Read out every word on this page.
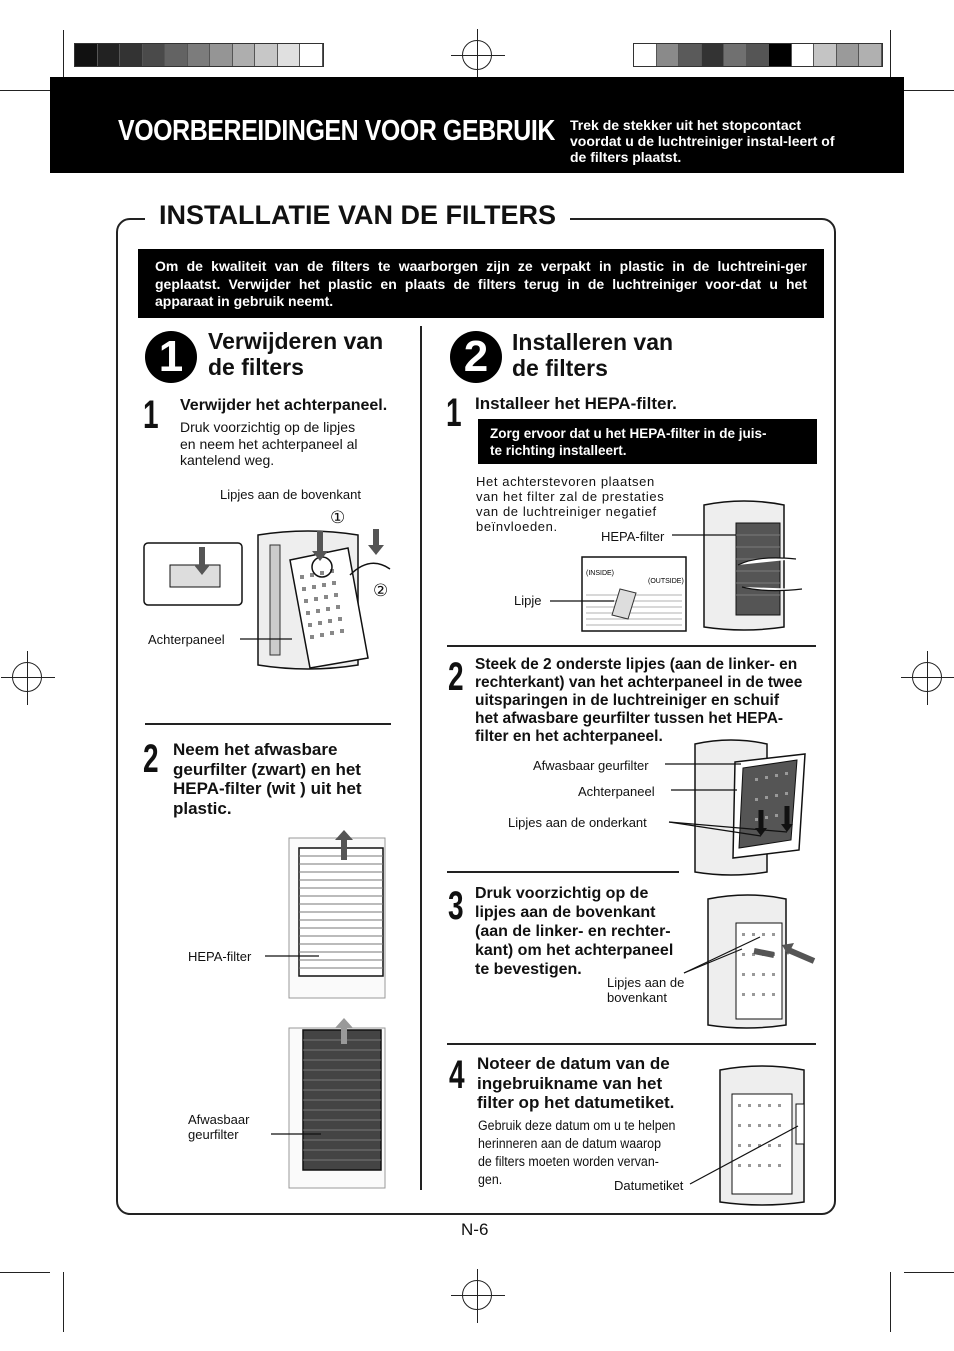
VOORBEREIDINGEN VOOR GEBRUIK Trek de stekker uit het stopcontact voordat u de luchtreiniger instal-leert of de filters plaatst.
INSTALLATIE VAN DE FILTERS
Om de kwaliteit van de filters te waarborgen zijn ze verpakt in plastic in de luchtreini-ger geplaatst. Verwijder het plastic en plaats de filters terug in de luchtreiniger voor-dat u het apparaat in gebruik neemt.
1	Verwijderen van
de filters
1 Verwijder het achterpaneel.
Druk voorzichtig op de lipjes
en neem het achterpaneel al
kantelend weg.
Lipjes aan de bovenkant
Achterpaneel
①
②
2 Neem het afwasbare
geurfilter (zwart) en het
HEPA-filter (wit ) uit het
plastic.
HEPA-filter
Afwasbaar
geurfilter
2	Installeren van
de filters
1 Installeer het HEPA-filter.
Zorg ervoor dat u het HEPA-filter in de juis-
te richting installeert.
Het achterstevoren plaatsen
van het filter zal de prestaties
van de luchtreiniger negatief
beïnvloeden.
HEPA-filter
Lipje
(INSIDE)
(OUTSIDE)
2 Steek de 2 onderste lipjes (aan de linker- en
rechterkant) van het achterpaneel in de twee
uitsparingen in de luchtreiniger en schuif
het afwasbare geurfilter tussen het HEPA-
filter en het achterpaneel.
Afwasbaar geurfilter
Achterpaneel
Lipjes aan de onderkant
3 Druk voorzichtig op de
lipjes aan de bovenkant
(aan de linker- en rechter-
kant) om het achterpaneel
te bevestigen.
Lipjes aan de
bovenkant
4 Noteer de datum van de
ingebruikname van het
filter op het datumetiket.
Gebruik deze datum om u te helpen
herinneren aan de datum waarop
de filters moeten worden vervan-
gen.	Datumetiket
N-6
